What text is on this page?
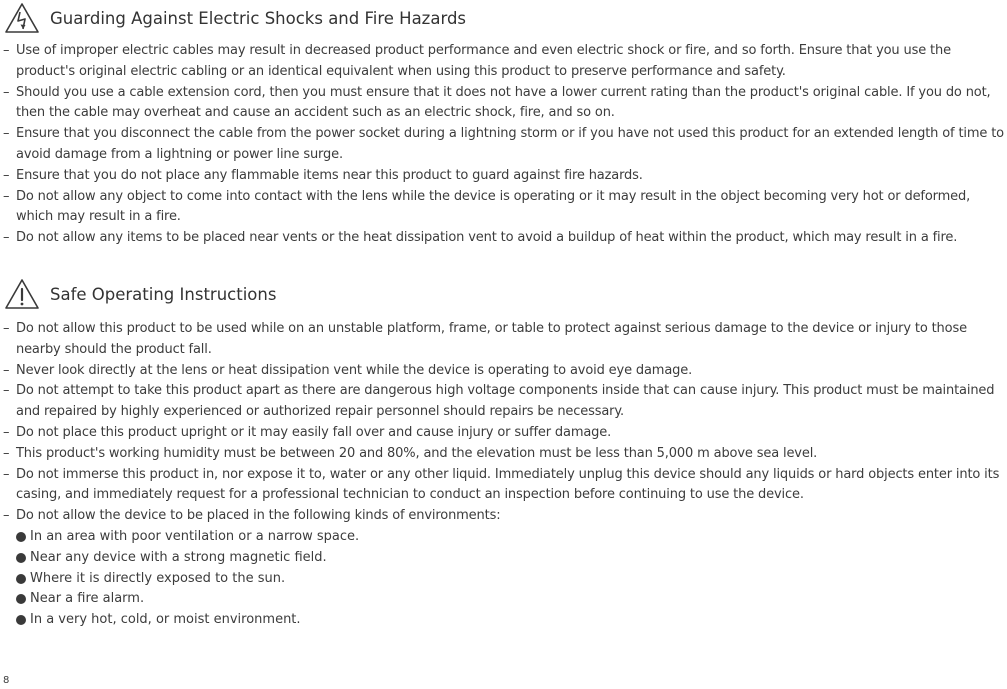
Guarding Against Electric Shocks and Fire Hazards
– Use of improper electric cables may result in decreased product performance and even electric shock or fire, and so forth. Ensure that you use the product's original electric cabling or an identical equivalent when using this product to preserve performance and safety.
– Should you use a cable extension cord, then you must ensure that it does not have a lower current rating than the product's original cable. If you do not, then the cable may overheat and cause an accident such as an electric shock, fire, and so on.
– Ensure that you disconnect the cable from the power socket during a lightning storm or if you have not used this product for an extended length of time to avoid damage from a lightning or power line surge.
– Ensure that you do not place any flammable items near this product to guard against fire hazards.
– Do not allow any object to come into contact with the lens while the device is operating or it may result in the object becoming very hot or deformed, which may result in a fire.
– Do not allow any items to be placed near vents or the heat dissipation vent to avoid a buildup of heat within the product, which may result in a fire.
Safe Operating Instructions
– Do not allow this product to be used while on an unstable platform, frame, or table to protect against serious damage to the device or injury to those nearby should the product fall.
– Never look directly at the lens or heat dissipation vent while the device is operating to avoid eye damage.
– Do not attempt to take this product apart as there are dangerous high voltage components inside that can cause injury. This product must be maintained and repaired by highly experienced or authorized repair personnel should repairs be necessary.
– Do not place this product upright or it may easily fall over and cause injury or suffer damage.
– This product's working humidity must be between 20 and 80%, and the elevation must be less than 5,000 m above sea level.
– Do not immerse this product in, nor expose it to, water or any other liquid. Immediately unplug this device should any liquids or hard objects enter into its casing, and immediately request for a professional technician to conduct an inspection before continuing to use the device.
– Do not allow the device to be placed in the following kinds of environments:
In an area with poor ventilation or a narrow space.
Near any device with a strong magnetic field.
Where it is directly exposed to the sun.
Near a fire alarm.
In a very hot, cold, or moist environment.
8
